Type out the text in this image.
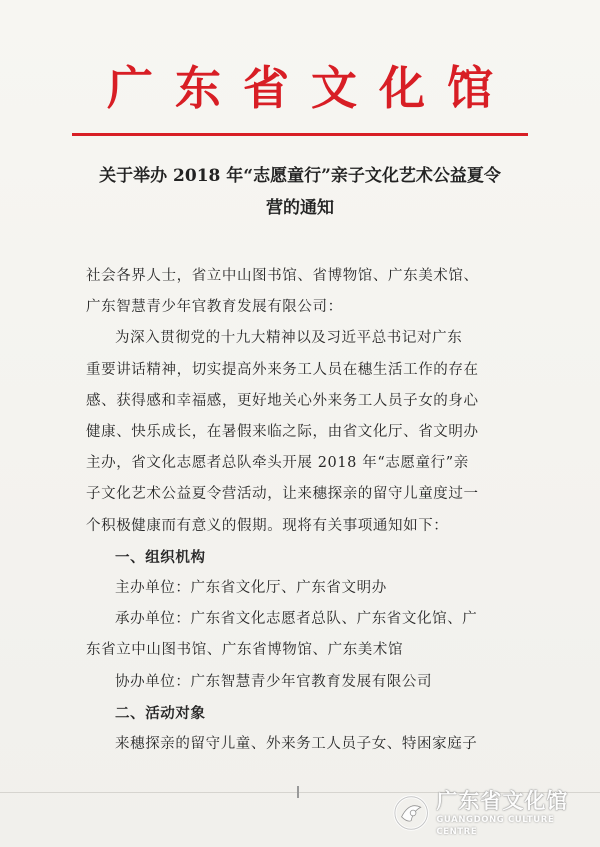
广东省文化馆
关于举办 2018 年“志愿童行”亲子文化艺术公益夏令
营的通知

社会各界人士，省立中山图书馆、省博物馆、广东美术馆、

广东智慧青少年官教育发展有限公司：

为深入贯彻党的十九大精神以及习近平总书记对广东

重要讲话精神，切实提高外来务工人员在穗生活工作的存在

感、获得感和幸福感，更好地关心外来务工人员子女的身心

健康、快乐成长，在暑假来临之际，由省文化厅、省文明办

主办，省文化志愿者总队牵头开展 2018 年“志愿童行”亲

子文化艺术公益夏令营活动，让来穗探亲的留守儿童度过一

个积极健康而有意义的假期。现将有关事项通知如下：

一、组织机构

主办单位：广东省文化厅、广东省文明办

承办单位：广东省文化志愿者总队、广东省文化馆、广

东省立中山图书馆、广东省博物馆、广东美术馆

协办单位：广东智慧青少年官教育发展有限公司

二、活动对象

来穗探亲的留守儿童、外来务工人员子女、特困家庭子

广东省文化馆
GUANGDONG CULTURE CENTRE
